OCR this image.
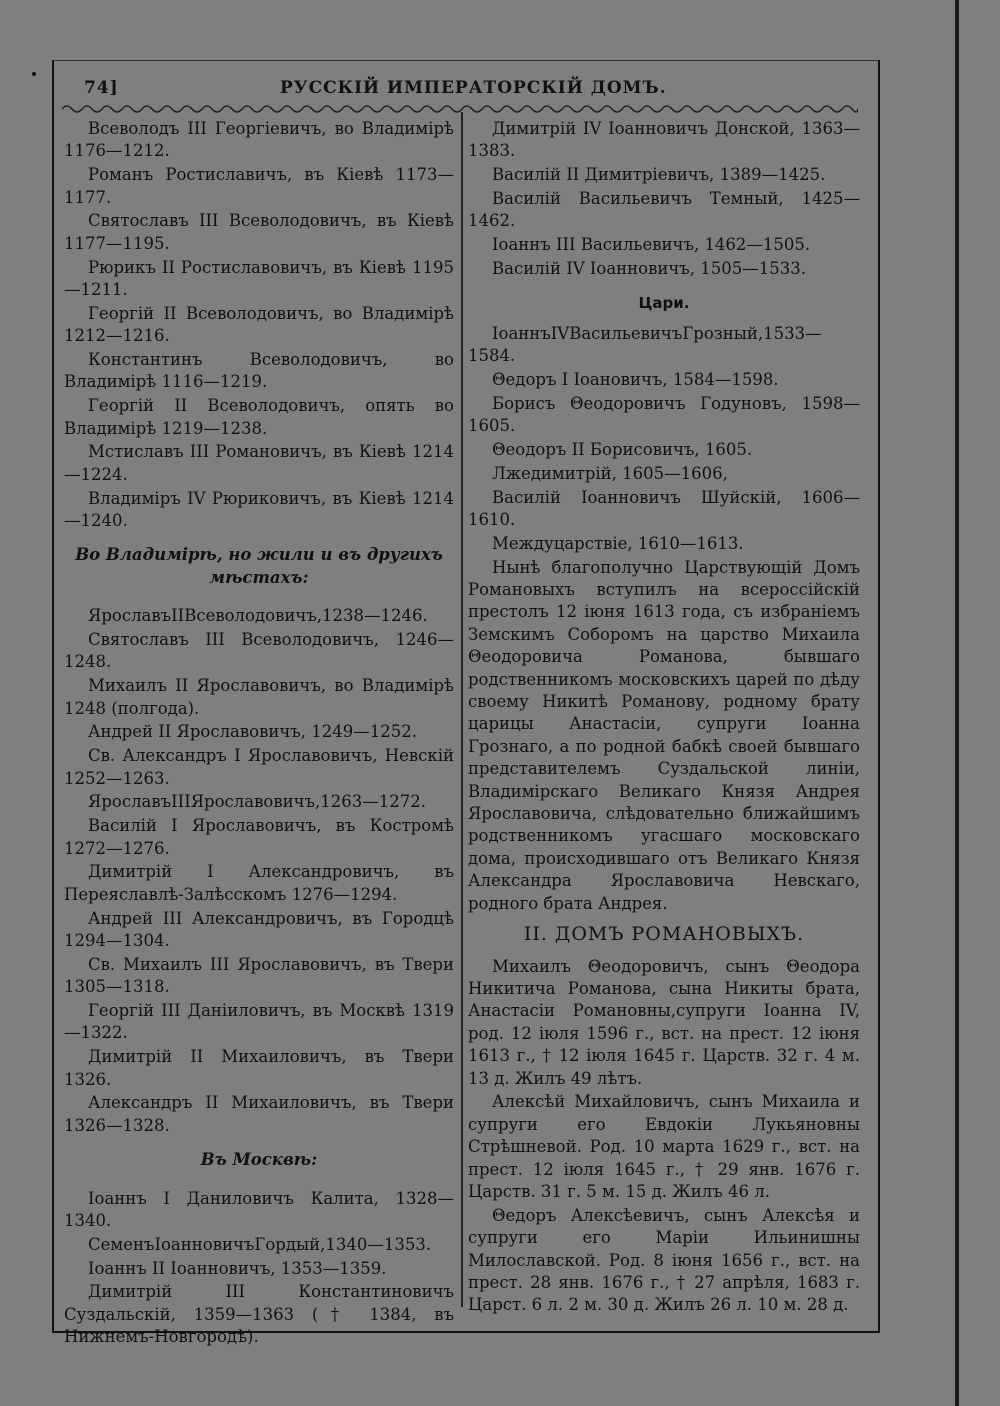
74]	РУССКІЙ ИМПЕРАТОРСКІЙ ДОМЪ.

Всеволодъ III Георгіевичъ, во Владимірѣ 1176—1212.

Романъ Ростиславичъ, въ Кіевѣ 1173—1177.

Святославъ III Всеволодовичъ, въ Кіевѣ 1177—1195.

Рюрикъ II Ростиславовичъ, въ Кіевѣ 1195—1211.

Георгій II Всеволодовичъ, во Владимірѣ 1212—1216.

Константинъ Всеволодовичъ, во Владимірѣ 1116—1219.

Георгій II Всеволодовичъ, опять во Владимірѣ 1219—1238.

Мстиславъ III Романовичъ, въ Кіевѣ 1214—1224.

Владиміръ IV Рюриковичъ, въ Кіевѣ 1214—1240.

Во Владимірѣ, но жили и въ другихъ мѣстахъ:

ЯрославъIIВсеволодовичъ,1238—1246.

Святославъ III Всеволодовичъ, 1246—1248.

Михаилъ II Ярославовичъ, во Владимірѣ 1248 (полгода).

Андрей II Ярославовичъ, 1249—1252.

Св. Александръ I Ярославовичъ, Невскій 1252—1263.

ЯрославъIIIЯрославовичъ,1263—1272.

Василій I Ярославовичъ, въ Костромѣ 1272—1276.

Димитрій I Александровичъ, въ Переяславлѣ-Залѣсскомъ 1276—1294.

Андрей III Александровичъ, въ Городцѣ 1294—1304.

Св. Михаилъ III Ярославовичъ, въ Твери 1305—1318.

Георгій III Даніиловичъ, въ Москвѣ 1319—1322.

Димитрій II Михаиловичъ, въ Твери 1326.

Александръ II Михаиловичъ, въ Твери 1326—1328.

Въ Москвѣ:

Іоаннъ I Даниловичъ Калита, 1328—1340.

СеменъІоанновичъГордый,1340—1353.

Іоаннъ II Іоанновичъ, 1353—1359.

Димитрій III Константиновичъ Суздальскій, 1359—1363 († 1384, въ Нижнемъ-Новгородѣ).

Димитрій IV Іоанновичъ Донской, 1363—1383.

Василій II Димитріевичъ, 1389—1425.

Василій Васильевичъ Темный, 1425—1462.

Іоаннъ III Васильевичъ, 1462—1505.

Василій IV Іоанновичъ, 1505—1533.

Цари.

ІоаннъIVВасильевичъГрозный,1533—1584.

Θедоръ I Іоановичъ, 1584—1598.

Борисъ Θеодоровичъ Годуновъ, 1598—1605.

Θеодоръ II Борисовичъ, 1605.

Лжедимитрій, 1605—1606,

Василій Іоанновичъ Шуйскій, 1606—1610.

Междуцарствіе, 1610—1613.

Нынѣ благополучно Царствующій Домъ Романовыхъ вступилъ на всероссійскій престолъ 12 іюня 1613 года, съ избраніемъ Земскимъ Соборомъ на царство Михаила Θеодоровича Романова, бывшаго родственникомъ московскихъ царей по дѣду своему Никитѣ Романову, родному брату царицы Анастасіи, супруги Іоанна Грознаго, а по родной бабкѣ своей бывшаго представителемъ Суздальской линіи, Владимірскаго Великаго Князя Андрея Ярославовича, слѣдовательно ближайшимъ родственникомъ угасшаго московскаго дома, происходившаго отъ Великаго Князя Александра Ярославовича Невскаго, родного брата Андрея.

II. ДОМЪ РОМАНОВЫХЪ.

Михаилъ Θеодоровичъ, сынъ Θеодора Никитича Романова, сына Никиты брата, Анастасіи Романовны,супруги Іоанна IV, род. 12 іюля 1596 г., вст. на прест. 12 іюня 1613 г., † 12 іюля 1645 г. Царств. 32 г. 4 м. 13 д. Жилъ 49 лѣтъ.

Алексѣй Михайловичъ, сынъ Михаила и супруги его Евдокіи Лукьяновны Стрѣшневой. Род. 10 марта 1629 г., вст. на прест. 12 іюля 1645 г., † 29 янв. 1676 г. Царств. 31 г. 5 м. 15 д. Жилъ 46 л.

Θедоръ Алексѣевичъ, сынъ Алексѣя и супруги его Маріи Ильинишны Милославской. Род. 8 іюня 1656 г., вст. на прест. 28 янв. 1676 г., † 27 апрѣля, 1683 г. Царст. 6 л. 2 м. 30 д. Жилъ 26 л. 10 м. 28 д.
